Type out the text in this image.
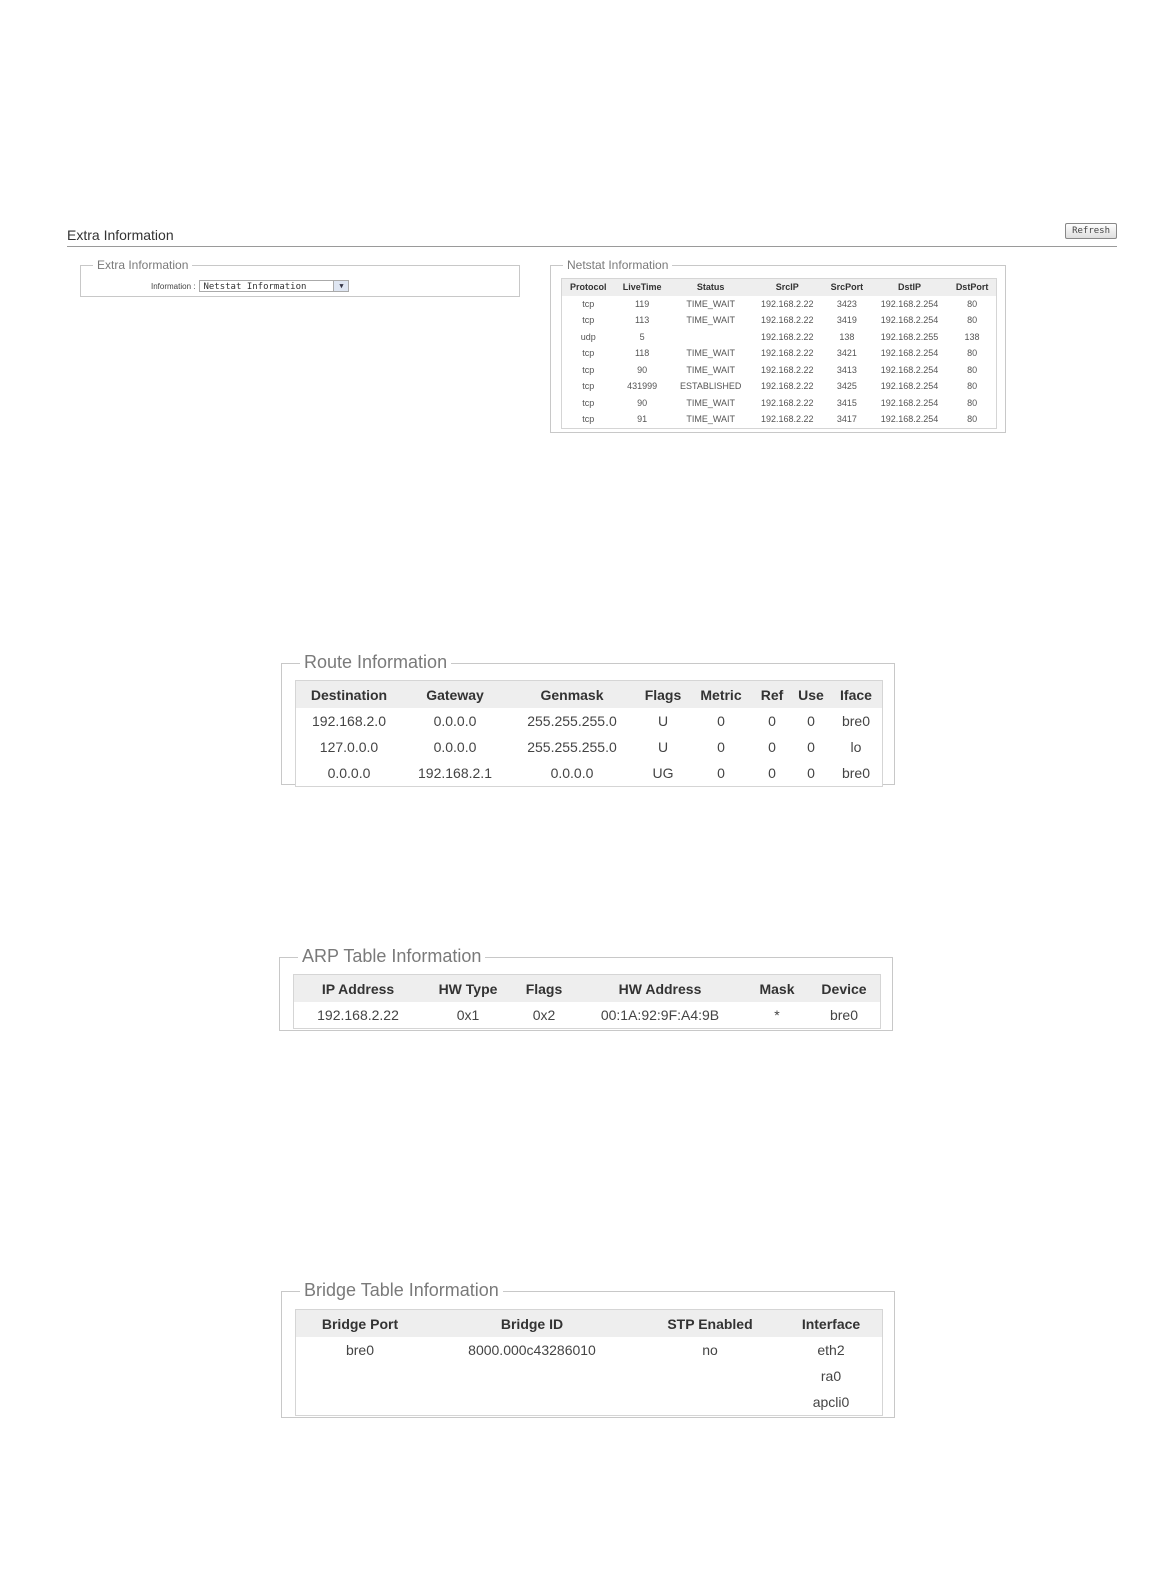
Extra Information	Refresh
Extra Information
Information : Netstat Information	▼
Netstat Information
Protocol	LiveTime	Status	SrcIP	SrcPort	DstIP	DstPort
tcp	119	TIME_WAIT	192.168.2.22	3423	192.168.2.254	80
tcp	113	TIME_WAIT	192.168.2.22	3419	192.168.2.254	80
udp	5		192.168.2.22	138	192.168.2.255	138
tcp	118	TIME_WAIT	192.168.2.22	3421	192.168.2.254	80
tcp	90	TIME_WAIT	192.168.2.22	3413	192.168.2.254	80
tcp	431999	ESTABLISHED	192.168.2.22	3425	192.168.2.254	80
tcp	90	TIME_WAIT	192.168.2.22	3415	192.168.2.254	80
tcp	91	TIME_WAIT	192.168.2.22	3417	192.168.2.254	80
Route Information
Destination	Gateway	Genmask	Flags	Metric	Ref	Use	Iface
192.168.2.0	0.0.0.0	255.255.255.0	U	0	0	0	bre0
127.0.0.0	0.0.0.0	255.255.255.0	U	0	0	0	lo
0.0.0.0	192.168.2.1	0.0.0.0	UG	0	0	0	bre0
ARP Table Information
IP Address	HW Type	Flags	HW Address	Mask	Device
192.168.2.22	0x1	0x2	00:1A:92:9F:A4:9B	*	bre0
Bridge Table Information
Bridge Port	Bridge ID	STP Enabled	Interface
bre0	8000.000c43286010	no	eth2
			ra0
			apcli0
